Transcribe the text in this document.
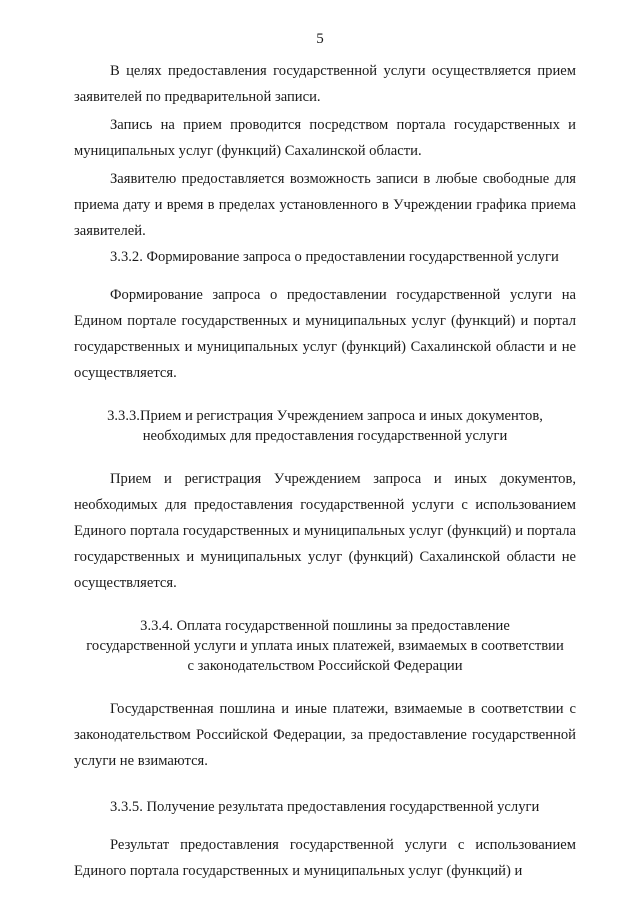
5

В целях предоставления государственной услуги осуществляется прием заявителей по предварительной записи.

Запись на прием проводится посредством портала государственных и муниципальных услуг (функций) Сахалинской области.

Заявителю предоставляется возможность записи в любые свободные для приема дату и время в пределах установленного в Учреждении графика приема заявителей.

3.3.2. Формирование запроса о предоставлении государственной услуги

Формирование запроса о предоставлении государственной услуги на Едином портале государственных и муниципальных услуг (функций) и портал государственных и муниципальных услуг (функций) Сахалинской области и не осуществляется.

3.3.3.Прием и регистрация Учреждением запроса и иных документов,
необходимых для предоставления государственной услуги

Прием и регистрация Учреждением запроса и иных документов, необходимых для предоставления государственной услуги с использованием Единого портала государственных и муниципальных услуг (функций) и портала государственных и муниципальных услуг (функций) Сахалинской области не осуществляется.

3.3.4. Оплата государственной пошлины за предоставление
государственной услуги и уплата иных платежей, взимаемых в соответствии
с законодательством Российской Федерации

Государственная пошлина и иные платежи, взимаемые в соответствии с законодательством Российской Федерации, за предоставление государственной услуги не взимаются.

3.3.5. Получение результата предоставления государственной услуги

Результат предоставления государственной услуги с использованием Единого портала государственных и муниципальных услуг (функций) и
